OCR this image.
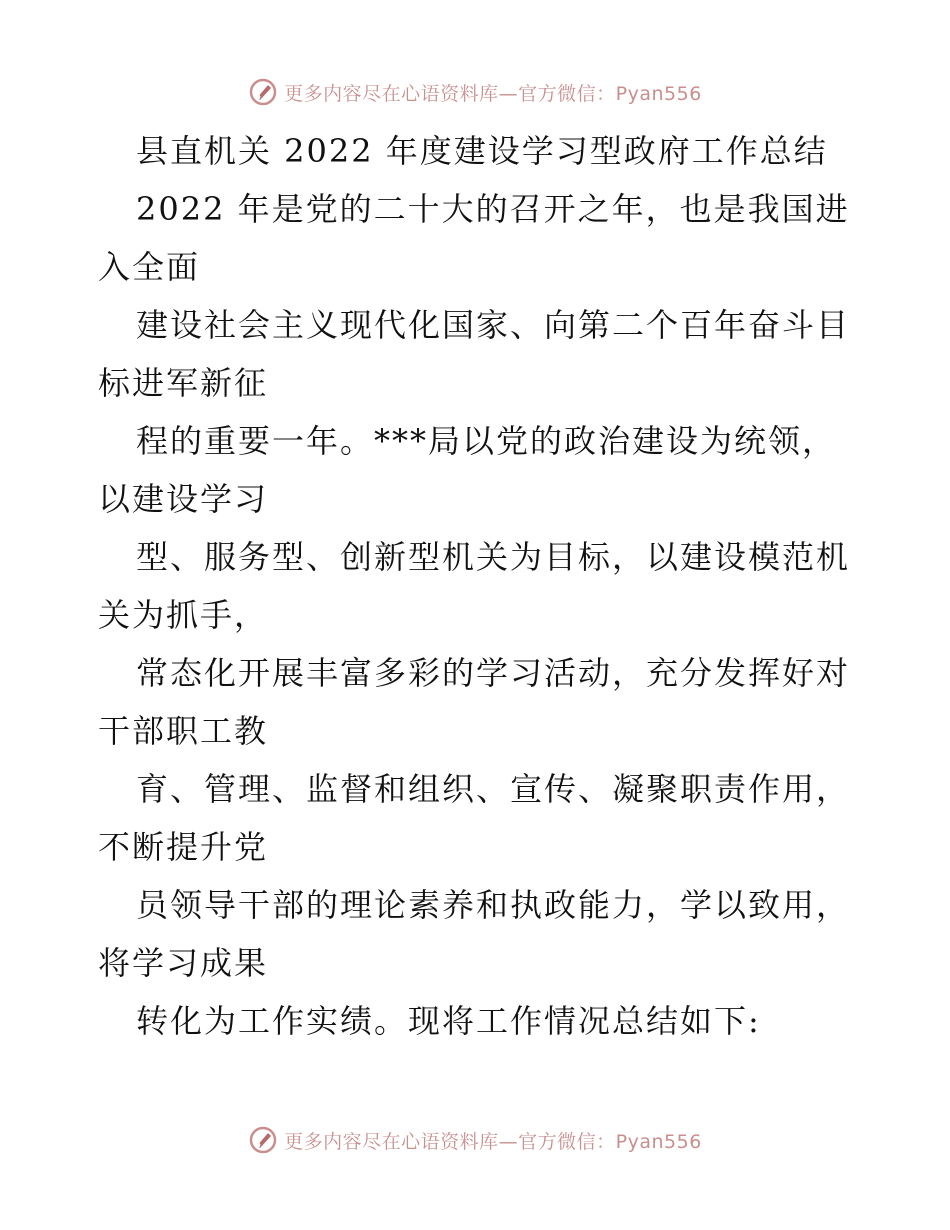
更多内容尽在心语资料库—官方微信：Pyan556
县直机关 2022 年度建设学习型政府工作总结
2022 年是党的二十大的召开之年，也是我国进
入全面
建设社会主义现代化国家、向第二个百年奋斗目
标进军新征
程的重要一年。***局以党的政治建设为统领，
以建设学习
型、服务型、创新型机关为目标，以建设模范机
关为抓手，
常态化开展丰富多彩的学习活动，充分发挥好对
干部职工教
育、管理、监督和组织、宣传、凝聚职责作用，
不断提升党
员领导干部的理论素养和执政能力，学以致用，
将学习成果
转化为工作实绩。现将工作情况总结如下:
更多内容尽在心语资料库—官方微信：Pyan556
